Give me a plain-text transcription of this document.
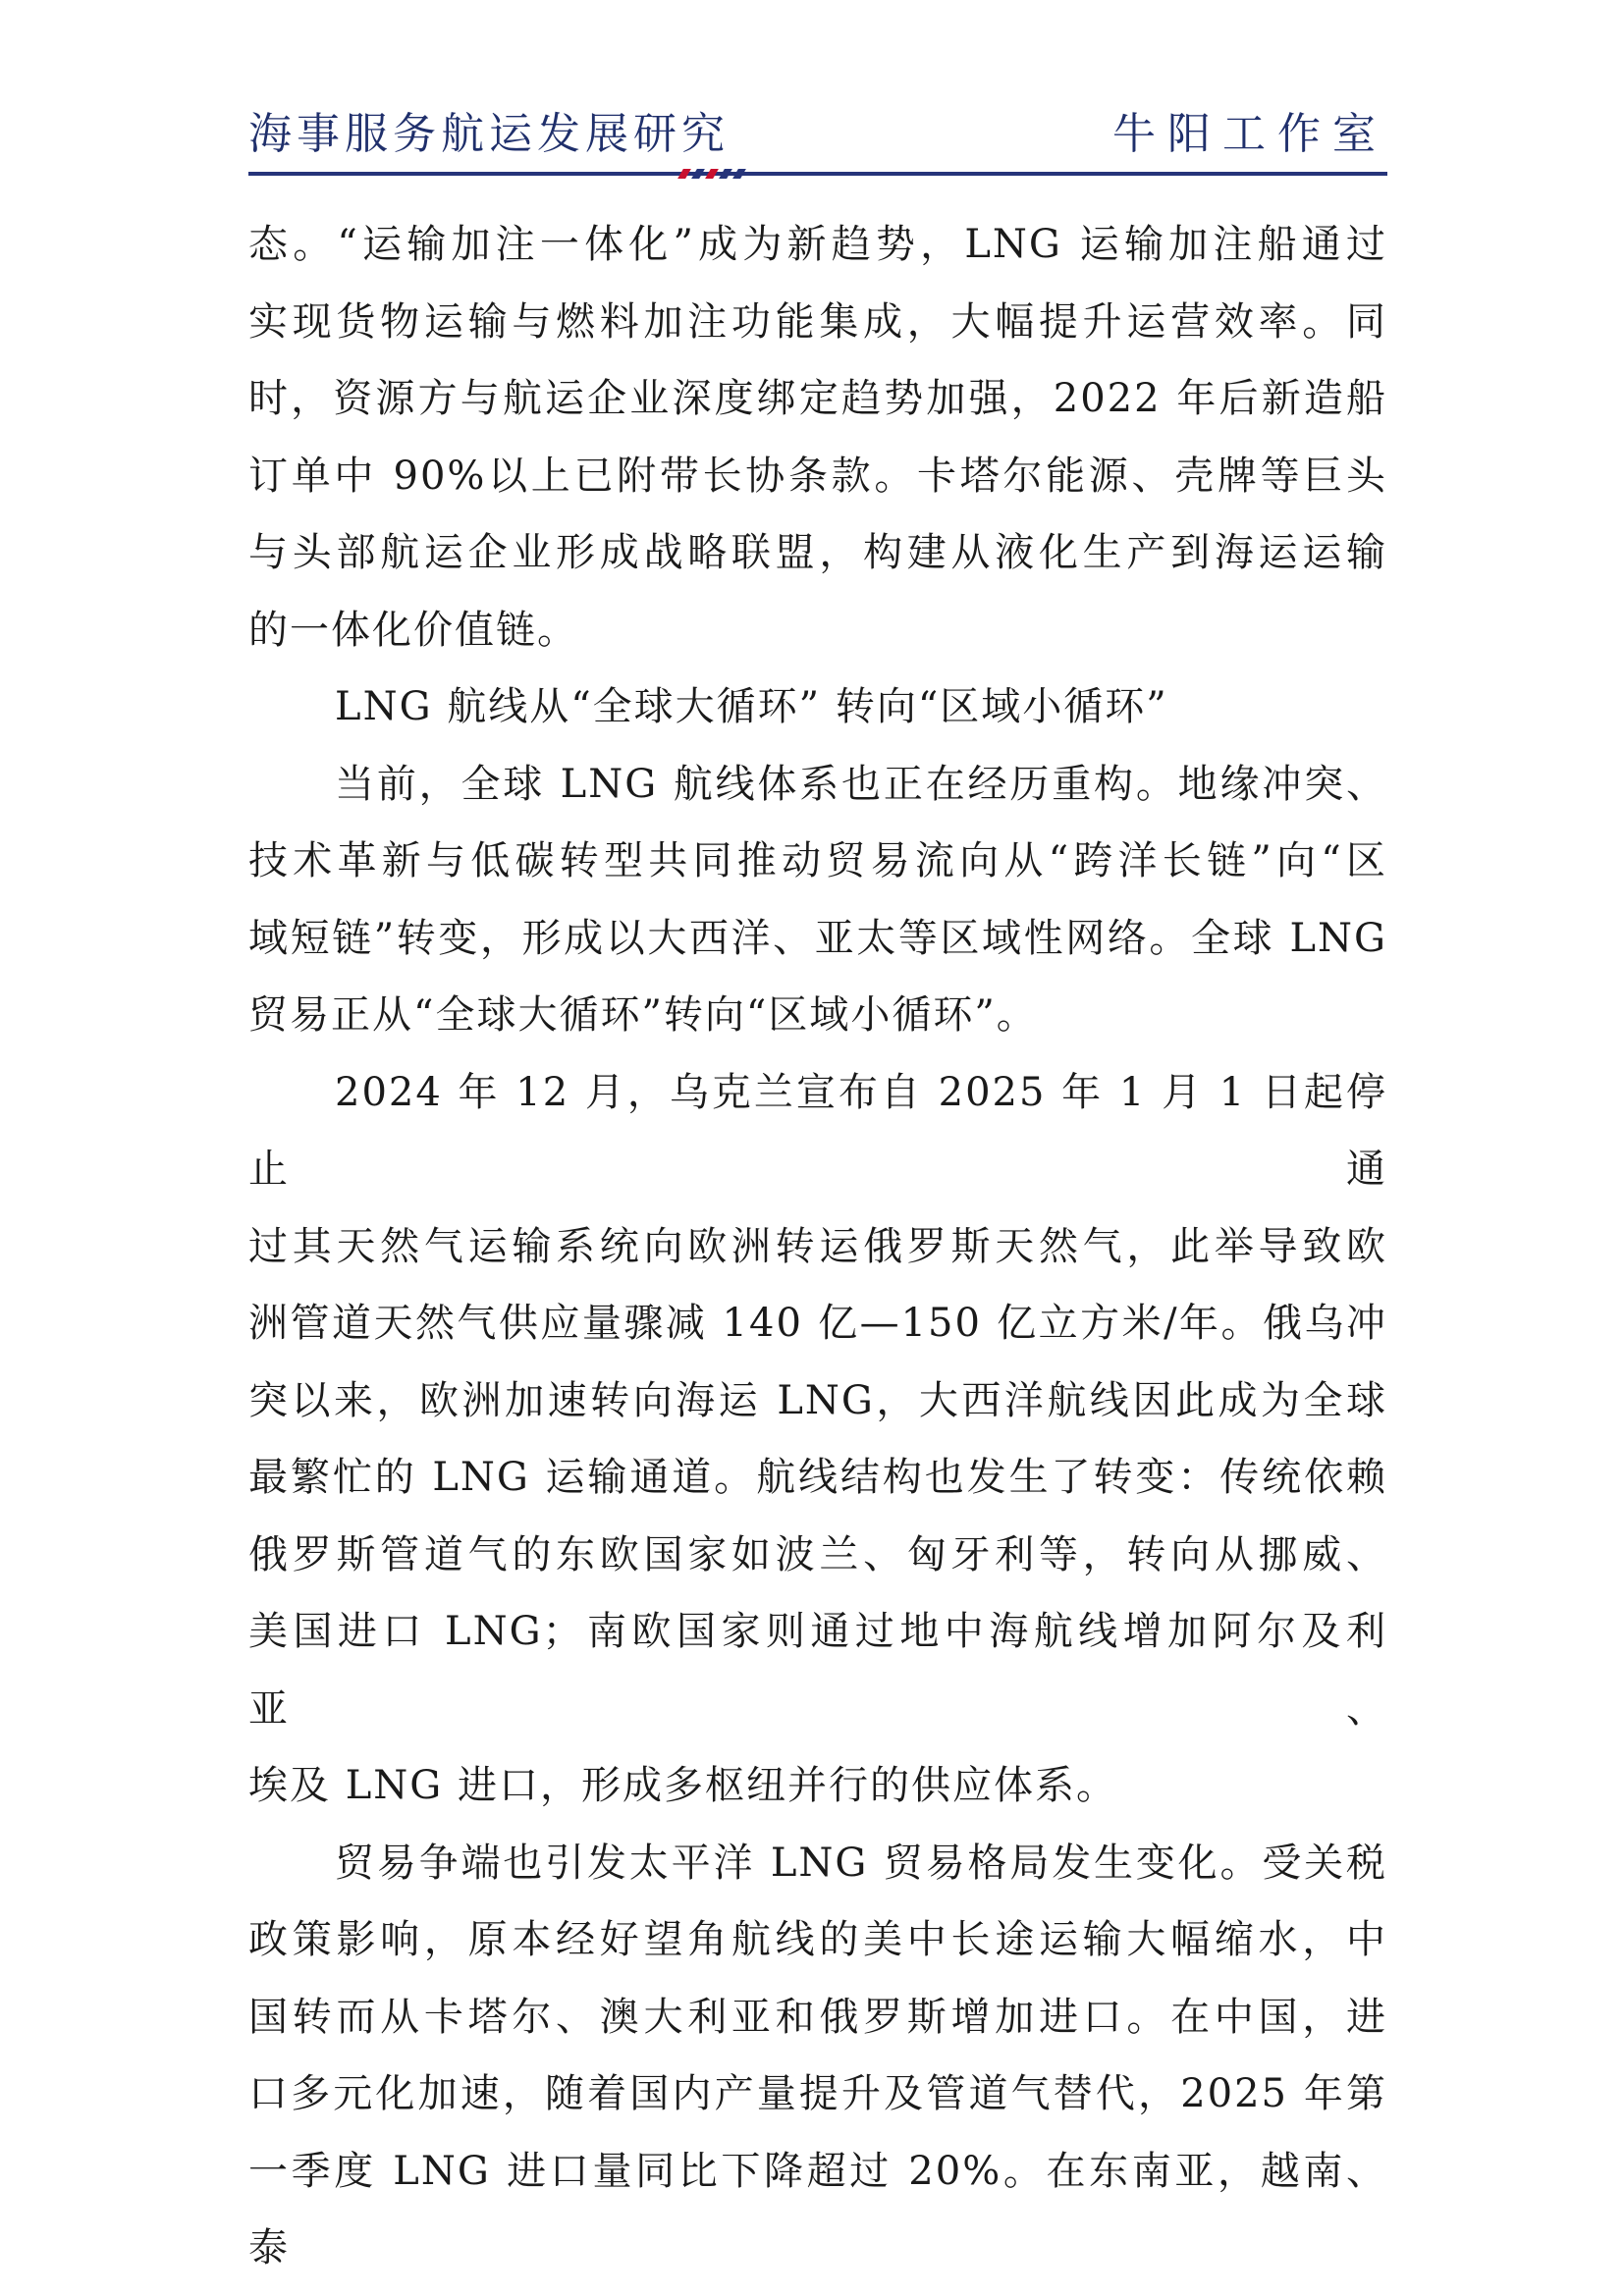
海事服务航运发展研究	牛阳工作室

态。“运输加注一体化”成为新趋势，LNG 运输加注船通过

实现货物运输与燃料加注功能集成，大幅提升运营效率。同

时，资源方与航运企业深度绑定趋势加强，2022 年后新造船

订单中 90%以上已附带长协条款。卡塔尔能源、壳牌等巨头

与头部航运企业形成战略联盟，构建从液化生产到海运运输

的一体化价值链。

LNG 航线从“全球大循环” 转向“区域小循环”

当前，全球 LNG 航线体系也正在经历重构。地缘冲突、

技术革新与低碳转型共同推动贸易流向从“跨洋长链”向“区

域短链”转变，形成以大西洋、亚太等区域性网络。全球 LNG

贸易正从“全球大循环”转向“区域小循环”。

2024 年 12 月，乌克兰宣布自 2025 年 1 月 1 日起停止通

过其天然气运输系统向欧洲转运俄罗斯天然气，此举导致欧

洲管道天然气供应量骤减 140 亿—150 亿立方米/年。俄乌冲

突以来，欧洲加速转向海运 LNG，大西洋航线因此成为全球

最繁忙的 LNG 运输通道。航线结构也发生了转变：传统依赖

俄罗斯管道气的东欧国家如波兰、匈牙利等，转向从挪威、

美国进口 LNG；南欧国家则通过地中海航线增加阿尔及利亚、

埃及 LNG 进口，形成多枢纽并行的供应体系。

贸易争端也引发太平洋 LNG 贸易格局发生变化。受关税

政策影响，原本经好望角航线的美中长途运输大幅缩水，中

国转而从卡塔尔、澳大利亚和俄罗斯增加进口。在中国，进

口多元化加速，随着国内产量提升及管道气替代，2025 年第

一季度 LNG 进口量同比下降超过 20%。在东南亚，越南、泰
